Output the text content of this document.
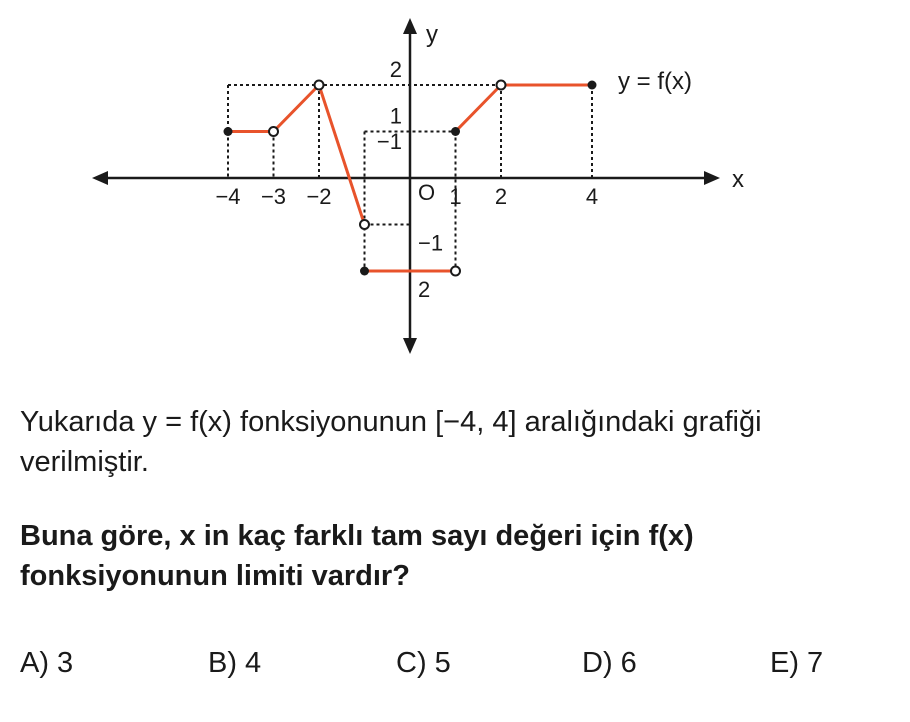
x
y
O
y = f(x)
−4 −3 −2	1 2	4
2
1
−1
−1
2

Yukarıda y = f(x) fonksiyonunun [−4, 4] aralığındaki grafiği verilmiştir.

Buna göre, x in kaç farklı tam sayı değeri için f(x) fonksiyonunun limiti vardır?

A) 3	B) 4	C) 5	D) 6	E) 7
